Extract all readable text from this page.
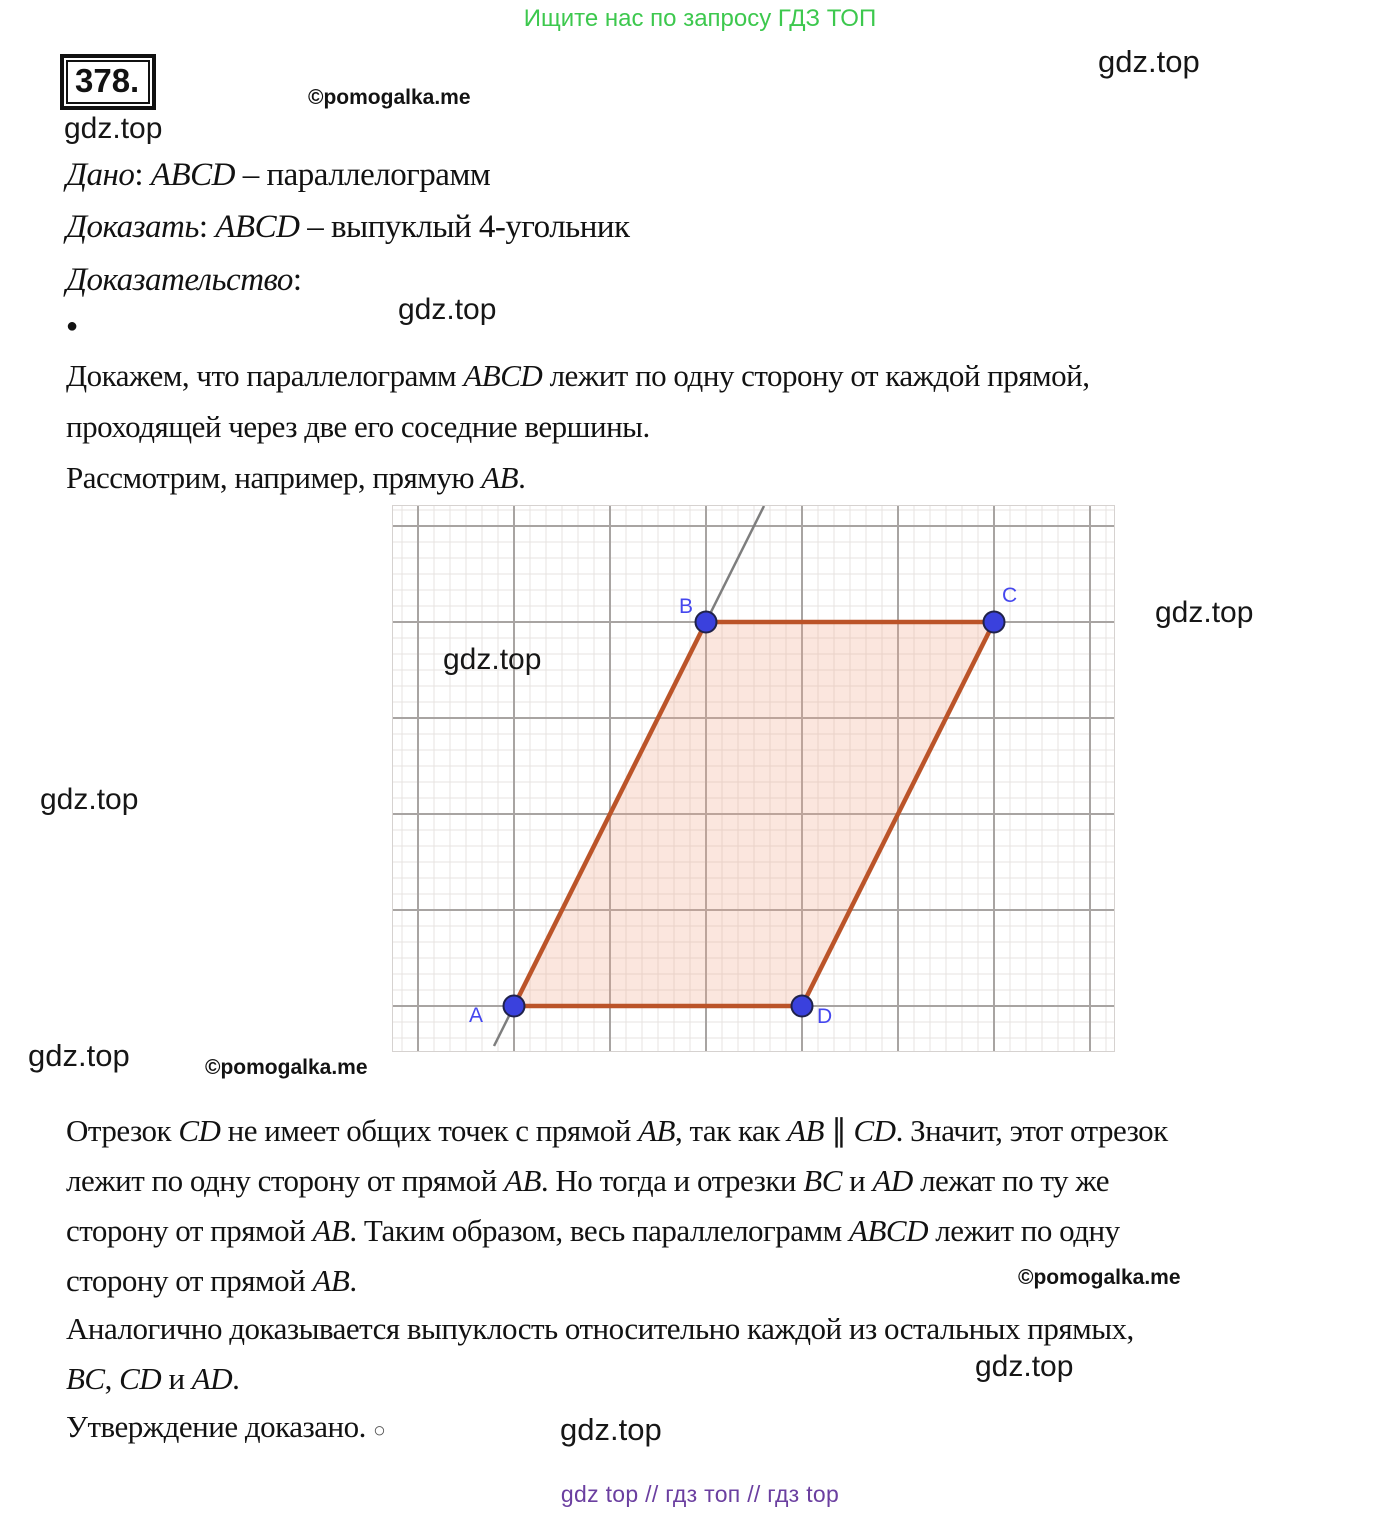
Ищите нас по запросу ГДЗ ТОП
378.	©pomogalka.me
gdz.top
gdz.top
Дано: ABCD – параллелограмм
Доказать: ABCD – выпуклый 4-угольник
Доказательство:
gdz.top
●
Докажем, что параллелограмм ABCD лежит по одну сторону от каждой прямой,
проходящей через две его соседние вершины.
Рассмотрим, например, прямую AB.
A
B	C
D
gdz.top
gdz.top
gdz.top
gdz.top	©pomogalka.me
Отрезок CD не имеет общих точек с прямой AB, так как AB ∥ CD. Значит, этот отрезок
лежит по одну сторону от прямой AB. Но тогда и отрезки BC и AD лежат по ту же
сторону от прямой AB. Таким образом, весь параллелограмм ABCD лежит по одну
сторону от прямой AB.	©pomogalka.me
Аналогично доказывается выпуклость относительно каждой из остальных прямых,
BC, CD и AD.	gdz.top
Утверждение доказано. ○	gdz.top
gdz top // гдз топ // гдз top
